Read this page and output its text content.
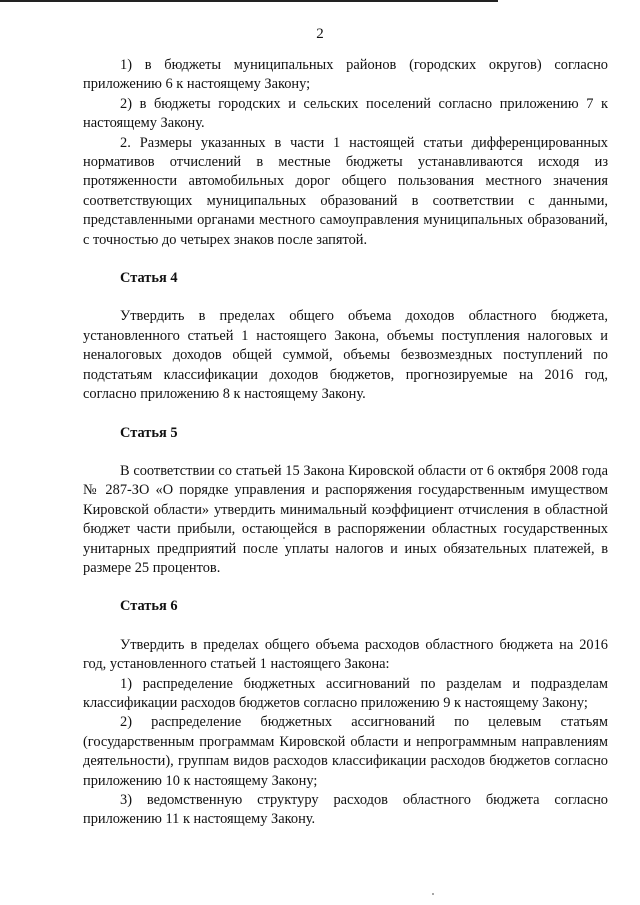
2

1) в бюджеты муниципальных районов (городских округов) согласно приложению 6 к настоящему Закону;

2) в бюджеты городских и сельских поселений согласно приложению 7 к настоящему Закону.

2. Размеры указанных в части 1 настоящей статьи дифференцированных нормативов отчислений в местные бюджеты устанавливаются исходя из протяженности автомобильных дорог общего пользования местного значения соответствующих муниципальных образований в соответствии с данными, представленными органами местного самоуправления муниципальных образований, с точностью до четырех знаков после запятой.

Статья 4

Утвердить в пределах общего объема доходов областного бюджета, установленного статьей 1 настоящего Закона, объемы поступления налоговых и неналоговых доходов общей суммой, объемы безвозмездных поступлений по подстатьям классификации доходов бюджетов, прогнозируемые на 2016 год, согласно приложению 8 к настоящему Закону.

Статья 5

В соответствии со статьей 15 Закона Кировской области от 6 октября 2008 года № 287-ЗО «О порядке управления и распоряжения государственным имуществом Кировской области» утвердить минимальный коэффициент отчисления в областной бюджет части прибыли, остающейся в распоряжении областных государственных унитарных предприятий после уплаты налогов и иных обязательных платежей, в размере 25 процентов.

Статья 6

Утвердить в пределах общего объема расходов областного бюджета на 2016 год, установленного статьей 1 настоящего Закона:

1) распределение бюджетных ассигнований по разделам и подразделам классификации расходов бюджетов согласно приложению 9 к настоящему Закону;

2) распределение бюджетных ассигнований по целевым статьям (государственным программам Кировской области и непрограммным направлениям деятельности), группам видов расходов классификации расходов бюджетов согласно приложению 10 к настоящему Закону;

3) ведомственную структуру расходов областного бюджета согласно приложению 11 к настоящему Закону.
